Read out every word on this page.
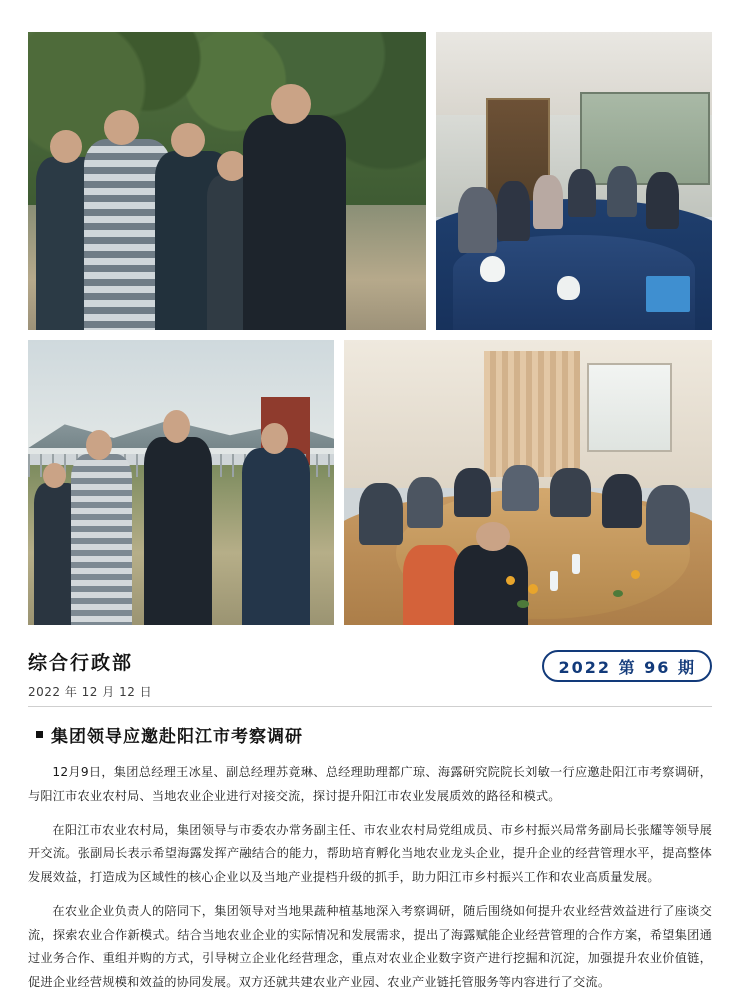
综合行政部

2022 年 12 月 12 日

2022 第 96 期
集团领导应邀赴阳江市考察调研

12月9日，集团总经理王冰星、副总经理苏竟琳、总经理助理都广琼、海露研究院院长刘敏一行应邀赴阳江市考察调研，与阳江市农业农村局、当地农业企业进行对接交流，探讨提升阳江市农业发展质效的路径和模式。

在阳江市农业农村局，集团领导与市委农办常务副主任、市农业农村局党组成员、市乡村振兴局常务副局长张耀等领导展开交流。张副局长表示希望海露发挥产融结合的能力，帮助培育孵化当地农业龙头企业，提升企业的经营管理水平，提高整体发展效益，打造成为区域性的核心企业以及当地产业提档升级的抓手，助力阳江市乡村振兴工作和农业高质量发展。

在农业企业负责人的陪同下，集团领导对当地果蔬种植基地深入考察调研，随后围绕如何提升农业经营效益进行了座谈交流，探索农业合作新模式。结合当地农业企业的实际情况和发展需求，提出了海露赋能企业经营管理的合作方案，希望集团通过业务合作、重组并购的方式，引导树立企业化经营理念，重点对农业企业数字资产进行挖掘和沉淀，加强提升农业价值链，促进企业经营规模和效益的协同发展。双方还就共建农业产业园、农业产业链托管服务等内容进行了交流。
